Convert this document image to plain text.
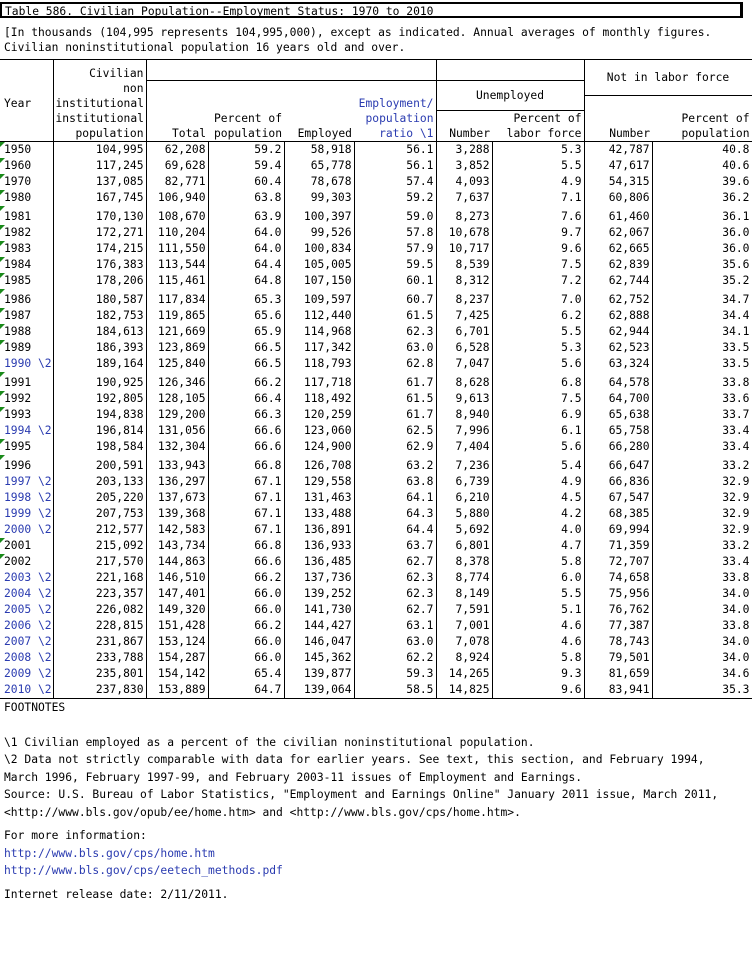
Table 586. Civilian Population--Employment Status: 1970 to 2010
[In thousands (104,995 represents 104,995,000), except as indicated. Annual averages of monthly figures.
Civilian noninstitutional population 16 years old and over.
	Civilian							Not in labor force	
	non					Unemployed			
Year	institutional				Employment/				
	institutional		Percent of		population		Percent of		Percent of
	population	Total	population	Employed	ratio \1	Number	labor force	Number	population
1950	104,995	62,208	59.2	58,918	56.1	3,288	5.3	42,787	40.8
1960	117,245	69,628	59.4	65,778	56.1	3,852	5.5	47,617	40.6
1970	137,085	82,771	60.4	78,678	57.4	4,093	4.9	54,315	39.6
1980	167,745	106,940	63.8	99,303	59.2	7,637	7.1	60,806	36.2
1981	170,130	108,670	63.9	100,397	59.0	8,273	7.6	61,460	36.1
1982	172,271	110,204	64.0	99,526	57.8	10,678	9.7	62,067	36.0
1983	174,215	111,550	64.0	100,834	57.9	10,717	9.6	62,665	36.0
1984	176,383	113,544	64.4	105,005	59.5	8,539	7.5	62,839	35.6
1985	178,206	115,461	64.8	107,150	60.1	8,312	7.2	62,744	35.2
1986	180,587	117,834	65.3	109,597	60.7	8,237	7.0	62,752	34.7
1987	182,753	119,865	65.6	112,440	61.5	7,425	6.2	62,888	34.4
1988	184,613	121,669	65.9	114,968	62.3	6,701	5.5	62,944	34.1
1989	186,393	123,869	66.5	117,342	63.0	6,528	5.3	62,523	33.5
1990 \2	189,164	125,840	66.5	118,793	62.8	7,047	5.6	63,324	33.5
1991	190,925	126,346	66.2	117,718	61.7	8,628	6.8	64,578	33.8
1992	192,805	128,105	66.4	118,492	61.5	9,613	7.5	64,700	33.6
1993	194,838	129,200	66.3	120,259	61.7	8,940	6.9	65,638	33.7
1994 \2	196,814	131,056	66.6	123,060	62.5	7,996	6.1	65,758	33.4
1995	198,584	132,304	66.6	124,900	62.9	7,404	5.6	66,280	33.4
1996	200,591	133,943	66.8	126,708	63.2	7,236	5.4	66,647	33.2
1997 \2	203,133	136,297	67.1	129,558	63.8	6,739	4.9	66,836	32.9
1998 \2	205,220	137,673	67.1	131,463	64.1	6,210	4.5	67,547	32.9
1999 \2	207,753	139,368	67.1	133,488	64.3	5,880	4.2	68,385	32.9
2000 \2	212,577	142,583	67.1	136,891	64.4	5,692	4.0	69,994	32.9
2001	215,092	143,734	66.8	136,933	63.7	6,801	4.7	71,359	33.2
2002	217,570	144,863	66.6	136,485	62.7	8,378	5.8	72,707	33.4
2003 \2	221,168	146,510	66.2	137,736	62.3	8,774	6.0	74,658	33.8
2004 \2	223,357	147,401	66.0	139,252	62.3	8,149	5.5	75,956	34.0
2005 \2	226,082	149,320	66.0	141,730	62.7	7,591	5.1	76,762	34.0
2006 \2	228,815	151,428	66.2	144,427	63.1	7,001	4.6	77,387	33.8
2007 \2	231,867	153,124	66.0	146,047	63.0	7,078	4.6	78,743	34.0
2008 \2	233,788	154,287	66.0	145,362	62.2	8,924	5.8	79,501	34.0
2009 \2	235,801	154,142	65.4	139,877	59.3	14,265	9.3	81,659	34.6
2010 \2	237,830	153,889	64.7	139,064	58.5	14,825	9.6	83,941	35.3
FOOTNOTES
\1 Civilian employed as a percent of the civilian noninstitutional population.
\2 Data not strictly comparable with data for earlier years. See text, this section, and February 1994,
March 1996, February 1997-99, and February 2003-11 issues of Employment and Earnings.
Source: U.S. Bureau of Labor Statistics, "Employment and Earnings Online" January 2011 issue, March 2011,
<http://www.bls.gov/opub/ee/home.htm> and <http://www.bls.gov/cps/home.htm>.
For more information:
http://www.bls.gov/cps/home.htm
http://www.bls.gov/cps/eetech_methods.pdf
Internet release date: 2/11/2011.
